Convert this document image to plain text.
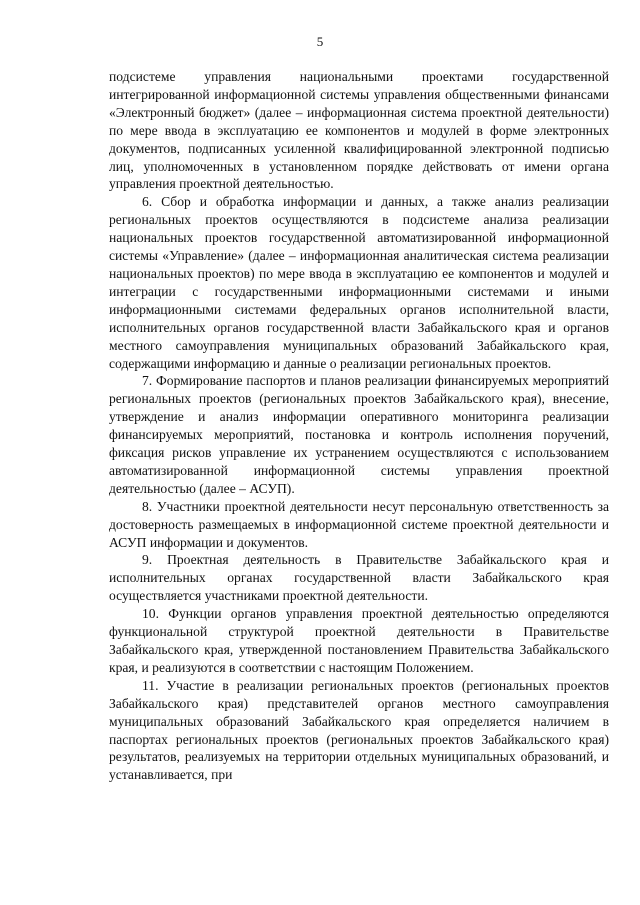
5

подсистеме управления национальными проектами государственной интегрированной информационной системы управления общественными финансами «Электронный бюджет» (далее – информационная система проектной деятельности) по мере ввода в эксплуатацию ее компонентов и модулей в форме электронных документов, подписанных усиленной квалифицированной электронной подписью лиц, уполномоченных в установленном порядке действовать от имени органа управления проектной деятельностью.

6. Сбор и обработка информации и данных, а также анализ реализации региональных проектов осуществляются в подсистеме анализа реализации национальных проектов государственной автоматизированной информационной системы «Управление» (далее – информационная аналитическая система реализации национальных проектов) по мере ввода в эксплуатацию ее компонентов и модулей и интеграции с государственными информационными системами и иными информационными системами федеральных органов исполнительной власти, исполнительных органов государственной власти Забайкальского края и органов местного самоуправления муниципальных образований Забайкальского края, содержащими информацию и данные о реализации региональных проектов.

7. Формирование паспортов и планов реализации финансируемых мероприятий региональных проектов (региональных проектов Забайкальского края), внесение, утверждение и анализ информации оперативного мониторинга реализации финансируемых мероприятий, постановка и контроль исполнения поручений, фиксация рисков управление их устранением осуществляются с использованием автоматизированной информационной системы управления проектной деятельностью (далее – АСУП).

8. Участники проектной деятельности несут персональную ответственность за достоверность размещаемых в информационной системе проектной деятельности и АСУП информации и документов.

9. Проектная деятельность в Правительстве Забайкальского края и исполнительных органах государственной власти Забайкальского края осуществляется участниками проектной деятельности.

10. Функции органов управления проектной деятельностью определяются функциональной структурой проектной деятельности в Правительстве Забайкальского края, утвержденной постановлением Правительства Забайкальского края, и реализуются в соответствии с настоящим Положением.

11. Участие в реализации региональных проектов (региональных проектов Забайкальского края) представителей органов местного самоуправления муниципальных образований Забайкальского края определяется наличием в паспортах региональных проектов (региональных проектов Забайкальского края) результатов, реализуемых на территории отдельных муниципальных образований, и устанавливается, при
